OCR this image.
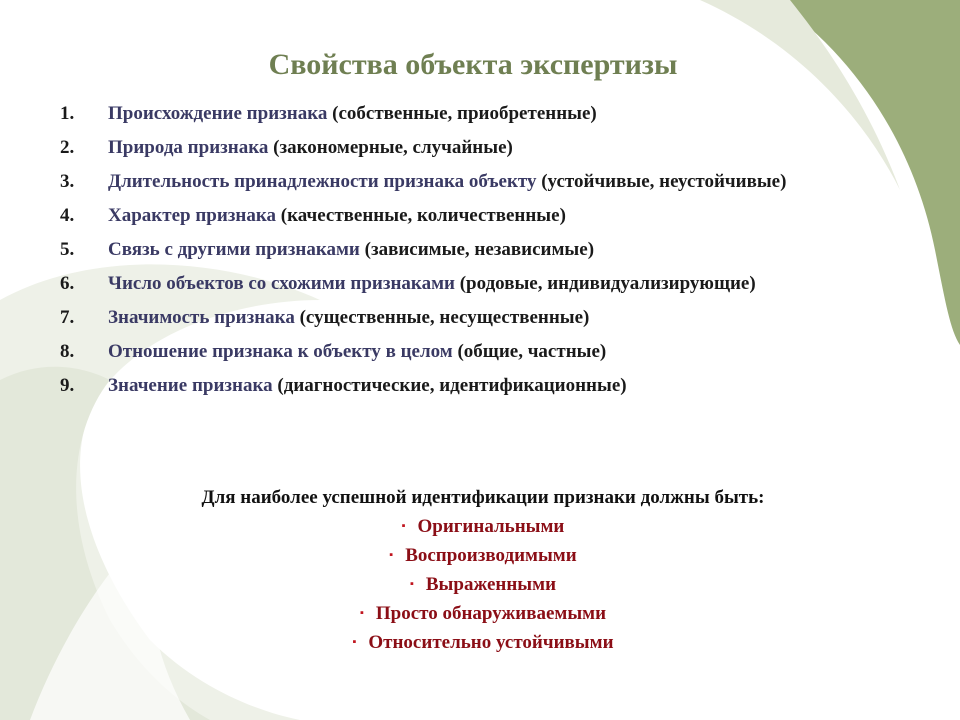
Свойства объекта экспертизы
1. Происхождение признака (собственные, приобретенные)
2. Природа признака (закономерные, случайные)
3. Длительность принадлежности признака объекту (устойчивые, неустойчивые)
4. Характер признака (качественные, количественные)
5. Связь с другими признаками (зависимые, независимые)
6. Число объектов со схожими признаками (родовые, индивидуализирующие)
7. Значимость признака (существенные, несущественные)
8. Отношение признака к объекту в целом (общие, частные)
9. Значение признака (диагностические, идентификационные)
Для наиболее успешной идентификации признаки должны быть:
▪ Оригинальными
▪ Воспроизводимыми
▪ Выраженными
▪ Просто обнаруживаемыми
▪ Относительно устойчивыми
